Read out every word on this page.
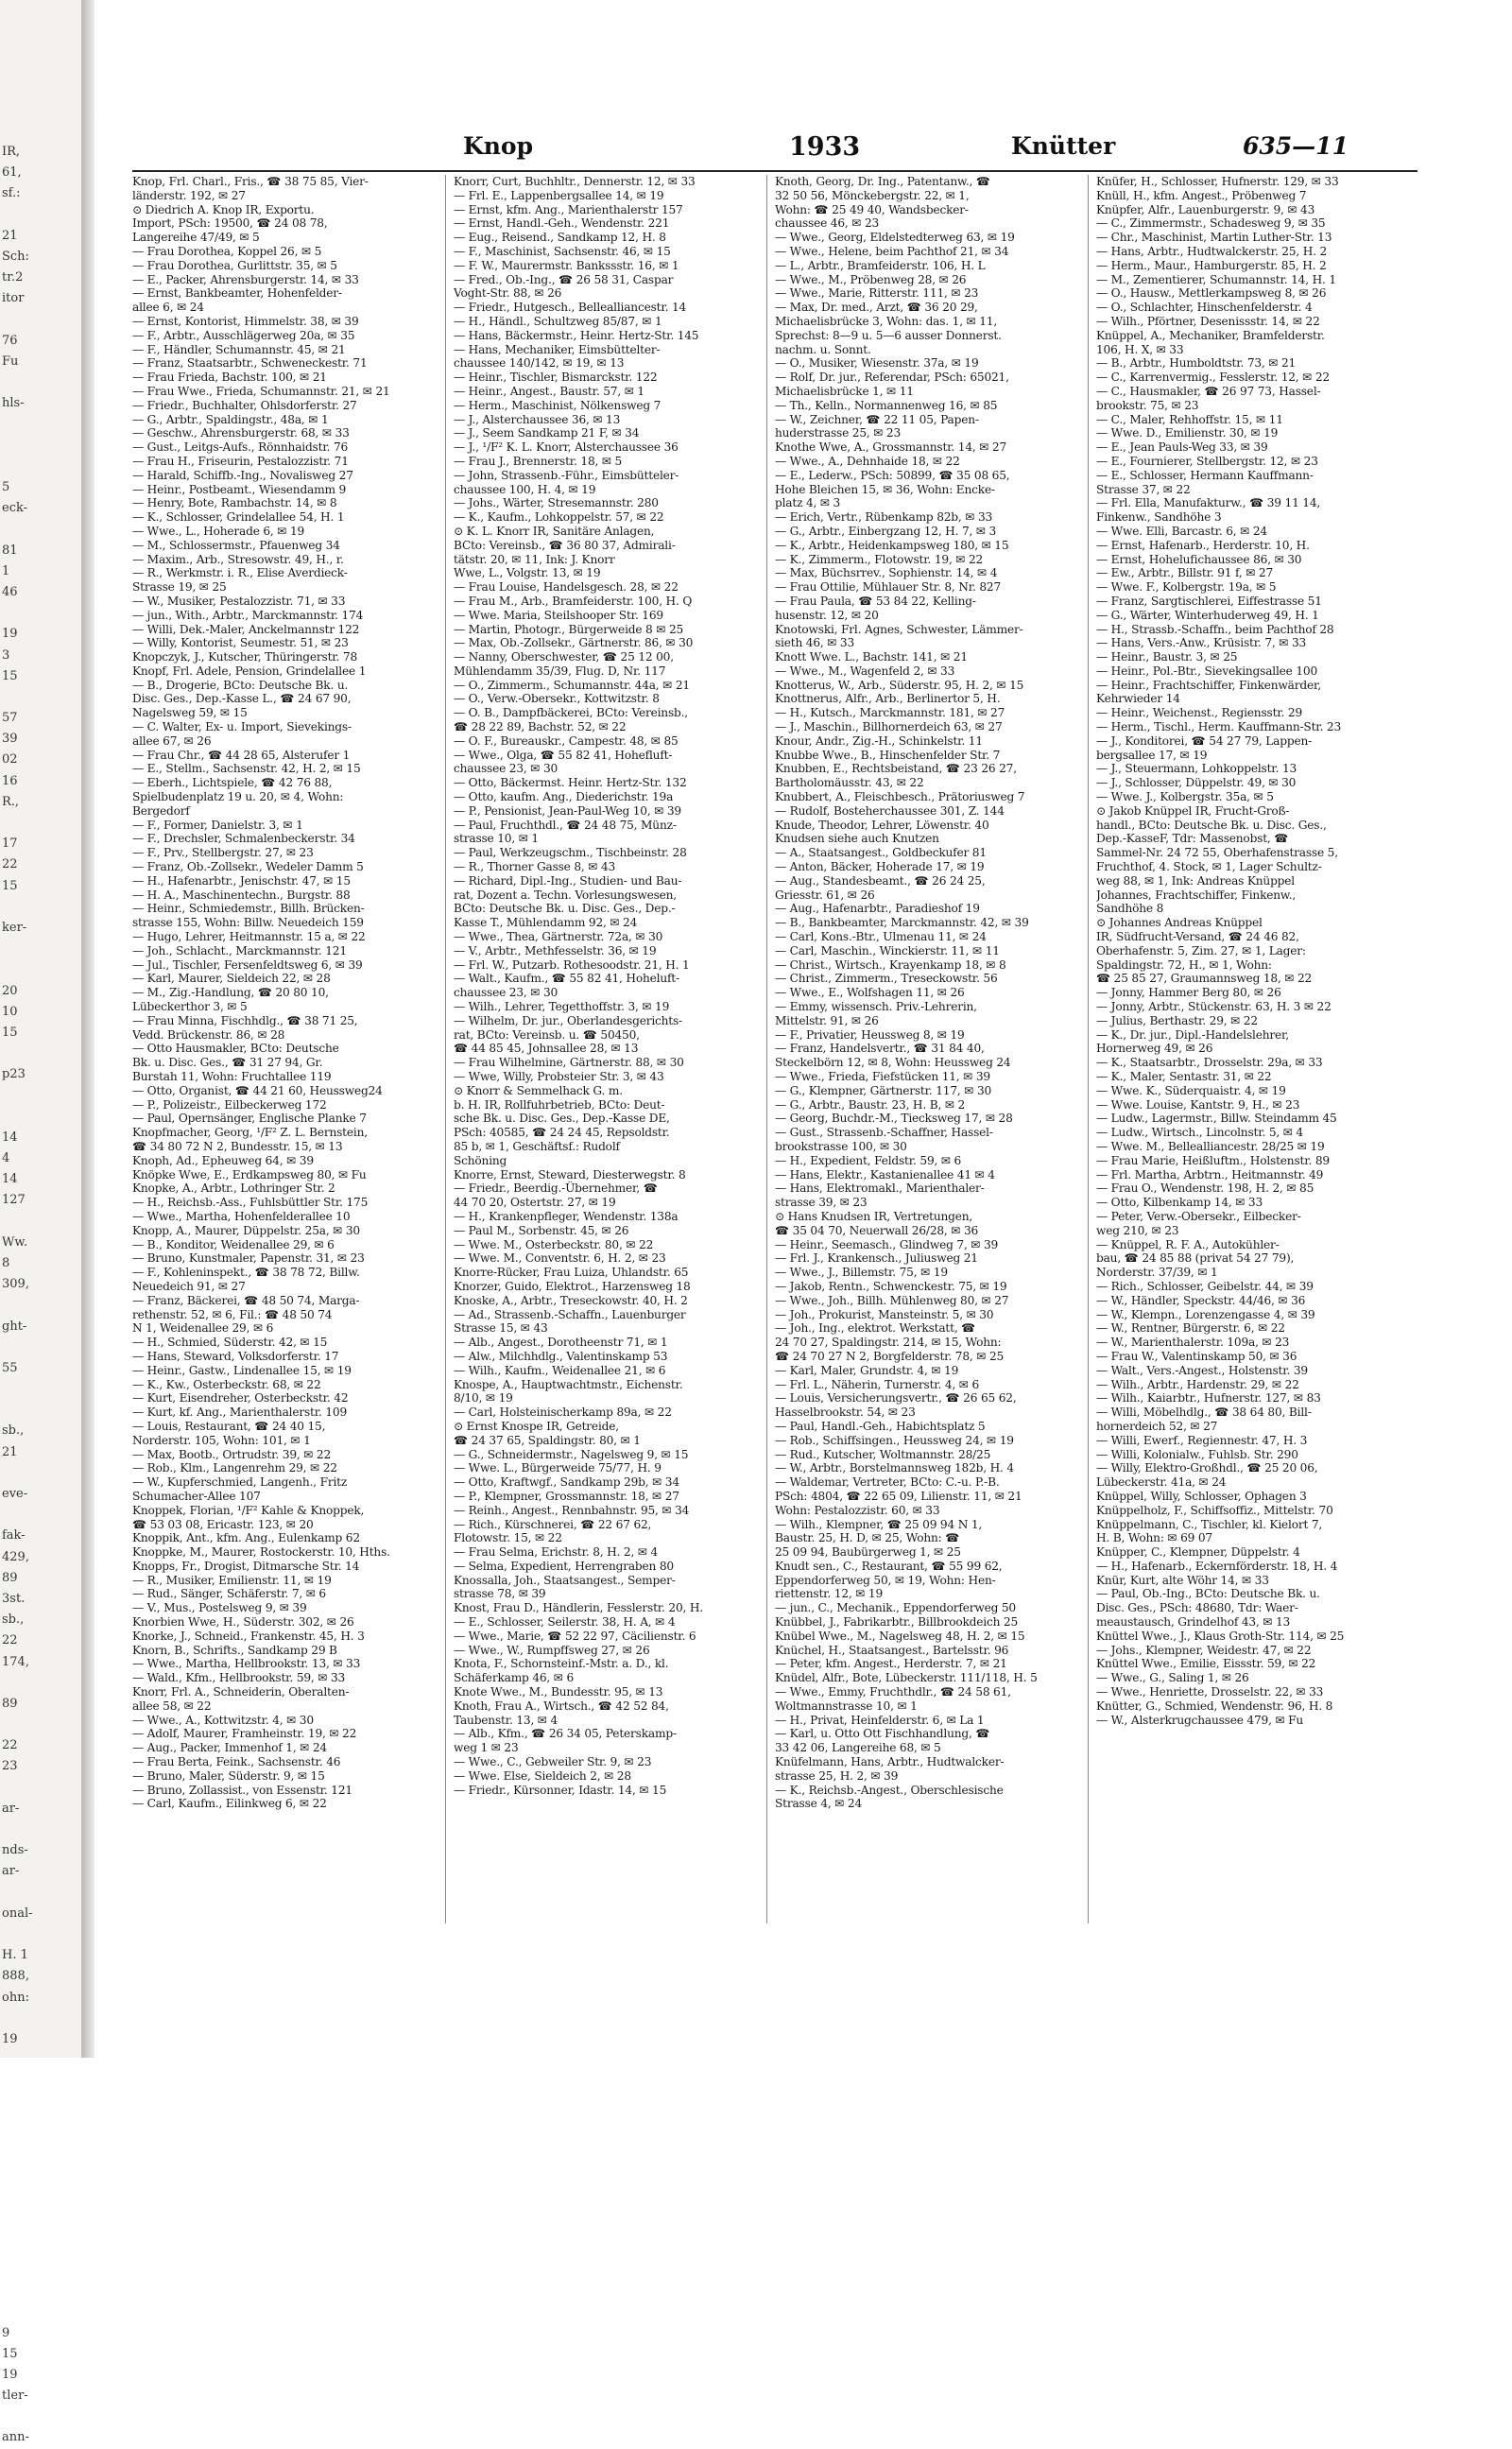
IR,
61,
sf.:
21
Sch:
tr.2
itor
76
Fu
hls-
5
eck-
81
1
46
19
3
15
57
39
02
16
R.,
17
22
15
ker-
20
10
15
p23
14
4
14
127
Ww.
8
309,
ght-
55
sb.,
21
eve-
fak-
429,
89
3st.
sb.,
22
174,
89
22
23
ar-
nds-
ar-
onal-
H. 1
888,
ohn:
19
9
15
19
tler-
ann-
Knop	1933	Knütter	635—11
Knop, Frl. Charl., Fris., ☎ 38 75 85, Vier-
länderstr. 192, ✉ 27
⊙ Diedrich A. Knop IR, Exportu.
Import, PSch: 19500, ☎ 24 08 78,
Langereihe 47/49, ✉ 5
— Frau Dorothea, Koppel 26, ✉ 5
— Frau Dorothea, Gurlittstr. 35, ✉ 5
— E., Packer, Ahrensburgerstr. 14, ✉ 33
— Ernst, Bankbeamter, Hohenfelder-
allee 6, ✉ 24
— Ernst, Kontorist, Himmelstr. 38, ✉ 39
— F., Arbtr., Ausschlägerweg 20a, ✉ 35
— F., Händler, Schumannstr. 45, ✉ 21
— Franz, Staatsarbtr., Schweneckestr. 71
— Frau Frieda, Bachstr. 100, ✉ 21
— Frau Wwe., Frieda, Schumannstr. 21, ✉ 21
— Friedr., Buchhalter, Ohlsdorferstr. 27
— G., Arbtr., Spaldingstr., 48a, ✉ 1
— Geschw., Ahrensburgerstr. 68, ✉ 33
— Gust., Leitgs-Aufs., Rönnhaidstr. 76
— Frau H., Friseurin, Pestalozzistr. 71
— Harald, Schiffb.-Ing., Novalisweg 27
— Heinr., Postbeamt., Wiesendamm 9
— Henry, Bote, Rambachstr. 14, ✉ 8
— K., Schlosser, Grindelallee 54, H. 1
— Wwe., L., Hoherade 6, ✉ 19
— M., Schlossermstr., Pfauenweg 34
— Maxim., Arb., Stresowstr. 49, H., r.
— R., Werkmstr. i. R., Elise Averdieck-
Strasse 19, ✉ 25
— W., Musiker, Pestalozzistr. 71, ✉ 33
— jun., With., Arbtr., Marckmannstr. 174
— Willi, Dek.-Maler, Anckelmannstr 122
— Willy, Kontorist, Seumestr. 51, ✉ 23
Knopczyk, J., Kutscher, Thüringerstr. 78
Knopf, Frl. Adele, Pension, Grindelallee 1
— B., Drogerie, BCto: Deutsche Bk. u.
Disc. Ges., Dep.-Kasse L., ☎ 24 67 90,
Nagelsweg 59, ✉ 15
— C. Walter, Ex- u. Import, Sievekings-
allee 67, ✉ 26
— Frau Chr., ☎ 44 28 65, Alsterufer 1
— E., Stellm., Sachsenstr. 42, H. 2, ✉ 15
— Eberh., Lichtspiele, ☎ 42 76 88,
Spielbudenplatz 19 u. 20, ✉ 4, Wohn:
Bergedorf
— F., Former, Danielstr. 3, ✉ 1
— F., Drechsler, Schmalenbeckerstr. 34
— F., Prv., Stellbergstr. 27, ✉ 23
— Franz, Ob.-Zollsekr., Wedeler Damm 5
— H., Hafenarbtr., Jenischstr. 47, ✉ 15
— H. A., Maschinentechn., Burgstr. 88
— Heinr., Schmiedemstr., Billh. Brücken-
strasse 155, Wohn: Billw. Neuedeich 159
— Hugo, Lehrer, Heitmannstr. 15 a, ✉ 22
— Joh., Schlacht., Marckmannstr. 121
— Jul., Tischler, Fersenfeldtsweg 6, ✉ 39
— Karl, Maurer, Sieldeich 22, ✉ 28
— M., Zig.-Handlung, ☎ 20 80 10,
Lübeckerthor 3, ✉ 5
— Frau Minna, Fischhdlg., ☎ 38 71 25,
Vedd. Brückenstr. 86, ✉ 28
— Otto Hausmakler, BCto: Deutsche
Bk. u. Disc. Ges., ☎ 31 27 94, Gr.
Burstah 11, Wohn: Fruchtallee 119
— Otto, Organist, ☎ 44 21 60, Heussweg24
— P., Polizeistr., Eilbeckerweg 172
— Paul, Opernsänger, Englische Planke 7
Knopfmacher, Georg, ¹/F² Z. L. Bernstein,
☎ 34 80 72 N 2, Bundesstr. 15, ✉ 13
Knoph, Ad., Epheuweg 64, ✉ 39
Knöpke Wwe, E., Erdkampsweg 80, ✉ Fu
Knopke, A., Arbtr., Lothringer Str. 2
— H., Reichsb.-Ass., Fuhlsbüttler Str. 175
— Wwe., Martha, Hohenfelderallee 10
Knopp, A., Maurer, Düppelstr. 25a, ✉ 30
— B., Konditor, Weidenallee 29, ✉ 6
— Bruno, Kunstmaler, Papenstr. 31, ✉ 23
— F., Kohleninspekt., ☎ 38 78 72, Billw.
Neuedeich 91, ✉ 27
— Franz, Bäckerei, ☎ 48 50 74, Marga-
rethenstr. 52, ✉ 6, Fil.: ☎ 48 50 74
N 1, Weidenallee 29, ✉ 6
— H., Schmied, Süderstr. 42, ✉ 15
— Hans, Steward, Volksdorferstr. 17
— Heinr., Gastw., Lindenallee 15, ✉ 19
— K., Kw., Osterbeckstr. 68, ✉ 22
— Kurt, Eisendreher, Osterbeckstr. 42
— Kurt, kf. Ang., Marienthalerstr. 109
— Louis, Restaurant, ☎ 24 40 15,
Norderstr. 105, Wohn: 101, ✉ 1
— Max, Bootb., Ortrudstr. 39, ✉ 22
— Rob., Klm., Langenrehm 29, ✉ 22
— W., Kupferschmied, Langenh., Fritz
Schumacher-Allee 107
Knoppek, Florian, ¹/F² Kahle & Knoppek,
☎ 53 03 08, Ericastr. 123, ✉ 20
Knoppik, Ant., kfm. Ang., Eulenkamp 62
Knoppke, M., Maurer, Rostockerstr. 10, Hths.
Knopps, Fr., Drogist, Ditmarsche Str. 14
— R., Musiker, Emilienstr. 11, ✉ 19
— Rud., Sänger, Schäferstr. 7, ✉ 6
— V., Mus., Postelsweg 9, ✉ 39
Knorbien Wwe, H., Süderstr. 302, ✉ 26
Knorke, J., Schneid., Frankenstr. 45, H. 3
Knorn, B., Schrifts., Sandkamp 29 B
— Wwe., Martha, Hellbrookstr. 13, ✉ 33
— Wald., Kfm., Hellbrookstr. 59, ✉ 33
Knorr, Frl. A., Schneiderin, Oberalten-
allee 58, ✉ 22
— Wwe., A., Kottwitzstr. 4, ✉ 30
— Adolf, Maurer, Framheinstr. 19, ✉ 22
— Aug., Packer, Immenhof 1, ✉ 24
— Frau Berta, Feink., Sachsenstr. 46
— Bruno, Maler, Süderstr. 9, ✉ 15
— Bruno, Zollassist., von Essenstr. 121
— Carl, Kaufm., Eilinkweg 6, ✉ 22
Knorr, Curt, Buchhltr., Dennerstr. 12, ✉ 33
— Frl. E., Lappenbergsallee 14, ✉ 19
— Ernst, kfm. Ang., Marienthalerstr 157
— Ernst, Handl.-Geh., Wendenstr. 221
— Eug., Reisend., Sandkamp 12, H. 8
— F., Maschinist, Sachsenstr. 46, ✉ 15
— F. W., Maurermstr. Bankssstr. 16, ✉ 1
— Fred., Ob.-Ing., ☎ 26 58 31, Caspar
Voght-Str. 88, ✉ 26
— Friedr., Hutgesch., Bellealliancestr. 14
— H., Händl., Schultzweg 85/87, ✉ 1
— Hans, Bäckermstr., Heinr. Hertz-Str. 145
— Hans, Mechaniker, Eimsbüttelter-
chaussee 140/142, ✉ 19, ✉ 13
— Heinr., Tischler, Bismarckstr. 122
— Heinr., Angest., Baustr. 57, ✉ 1
— Herm., Maschinist, Nölkensweg 7
— J., Alsterchaussee 36, ✉ 13
— J., Seem Sandkamp 21 F, ✉ 34
— J., ¹/F² K. L. Knorr, Alsterchaussee 36
— Frau J., Brennerstr. 18, ✉ 5
— John, Strassenb.-Führ., Eimsbütteler-
chaussee 100, H. 4, ✉ 19
— Johs., Wärter, Stresemannstr. 280
— K., Kaufm., Lohkoppelstr. 57, ✉ 22
⊙ K. L. Knorr IR, Sanitäre Anlagen,
BCto: Vereinsb., ☎ 36 80 37, Admirali-
tätstr. 20, ✉ 11, Ink: J. Knorr
Wwe, L., Volgstr. 13, ✉ 19
— Frau Louise, Handelsgesch. 28, ✉ 22
— Frau M., Arb., Bramfeiderstr. 100, H. Q
— Wwe. Maria, Steilshooper Str. 169
— Martin, Photogr., Bürgerweide 8 ✉ 25
— Max, Ob.-Zollsekr., Gärtnerstr. 86, ✉ 30
— Nanny, Oberschwester, ☎ 25 12 00,
Mühlendamm 35/39, Flug. D, Nr. 117
— O., Zimmerm., Schumannstr. 44a, ✉ 21
— O., Verw.-Obersekr., Kottwitzstr. 8
— O. B., Dampfbäckerei, BCto: Vereinsb.,
☎ 28 22 89, Bachstr. 52, ✉ 22
— O. F., Bureauskr., Campestr. 48, ✉ 85
— Wwe., Olga, ☎ 55 82 41, Hohefluft-
chaussee 23, ✉ 30
— Otto, Bäckermst. Heinr. Hertz-Str. 132
— Otto, kaufm. Ang., Diederichstr. 19a
— P., Pensionist, Jean-Paul-Weg 10, ✉ 39
— Paul, Fruchthdl., ☎ 24 48 75, Münz-
strasse 10, ✉ 1
— Paul, Werkzeugschm., Tischbeinstr. 28
— R., Thorner Gasse 8, ✉ 43
— Richard, Dipl.-Ing., Studien- und Bau-
rat, Dozent a. Techn. Vorlesungswesen,
BCto: Deutsche Bk. u. Disc. Ges., Dep.-
Kasse T., Mühlendamm 92, ✉ 24
— Wwe., Thea, Gärtnerstr. 72a, ✉ 30
— V., Arbtr., Methfesselstr. 36, ✉ 19
— Frl. W., Putzarb. Rothesoodstr. 21, H. 1
— Walt., Kaufm., ☎ 55 82 41, Hoheluft-
chaussee 23, ✉ 30
— Wilh., Lehrer, Tegetthoffstr. 3, ✉ 19
— Wilhelm, Dr. jur., Oberlandesgerichts-
rat, BCto: Vereinsb. u. ☎ 50450,
☎ 44 85 45, Johnsallee 28, ✉ 13
— Frau Wilhelmine, Gärtnerstr. 88, ✉ 30
— Wwe, Willy, Probsteier Str. 3, ✉ 43
⊙ Knorr & Semmelhack G. m.
b. H. IR, Rollfuhrbetrieb, BCto: Deut-
sche Bk. u. Disc. Ges., Dep.-Kasse DE,
PSch: 40585, ☎ 24 24 45, Repsoldstr.
85 b, ✉ 1, Geschäftsf.: Rudolf
Schöning
Knorre, Ernst, Steward, Diesterwegstr. 8
— Friedr., Beerdig.-Übernehmer, ☎
44 70 20, Ostertstr. 27, ✉ 19
— H., Krankenpfleger, Wendenstr. 138a
— Paul M., Sorbenstr. 45, ✉ 26
— Wwe. M., Osterbeckstr. 80, ✉ 22
— Wwe. M., Conventstr. 6, H. 2, ✉ 23
Knorre-Rücker, Frau Luiza, Uhlandstr. 65
Knorzer, Guido, Elektrot., Harzensweg 18
Knoske, A., Arbtr., Treseckowstr. 40, H. 2
— Ad., Strassenb.-Schaffn., Lauenburger
Strasse 15, ✉ 43
— Alb., Angest., Dorotheenstr 71, ✉ 1
— Alw., Milchhdlg., Valentinskamp 53
— Wilh., Kaufm., Weidenallee 21, ✉ 6
Knospe, A., Hauptwachtmstr., Eichenstr.
8/10, ✉ 19
— Carl, Holsteinischerkamp 89a, ✉ 22
⊙ Ernst Knospe IR, Getreide,
☎ 24 37 65, Spaldingstr. 80, ✉ 1
— G., Schneidermstr., Nagelsweg 9, ✉ 15
— Wwe. L., Bürgerweide 75/77, H. 9
— Otto, Kraftwgf., Sandkamp 29b, ✉ 34
— P., Klempner, Grossmannstr. 18, ✉ 27
— Reinh., Angest., Rennbahnstr. 95, ✉ 34
— Rich., Kürschnerei, ☎ 22 67 62,
Flotowstr. 15, ✉ 22
— Frau Selma, Erichstr. 8, H. 2, ✉ 4
— Selma, Expedient, Herrengraben 80
Knossalla, Joh., Staatsangest., Semper-
strasse 78, ✉ 39
Knost, Frau D., Händlerin, Fesslerstr. 20, H.
— E., Schlosser, Seilerstr. 38, H. A, ✉ 4
— Wwe., Marie, ☎ 52 22 97, Cäcilienstr. 6
— Wwe., W., Rumpffsweg 27, ✉ 26
Knota, F., Schornsteinf.-Mstr. a. D., kl.
Schäferkamp 46, ✉ 6
Knote Wwe., M., Bundesstr. 95, ✉ 13
Knoth, Frau A., Wirtsch., ☎ 42 52 84,
Taubenstr. 13, ✉ 4
— Alb., Kfm., ☎ 26 34 05, Peterskamp-
weg 1 ✉ 23
— Wwe., C., Gebweiler Str. 9, ✉ 23
— Wwe. Else, Sieldeich 2, ✉ 28
— Friedr., Kürsonner, Idastr. 14, ✉ 15
Knoth, Georg, Dr. Ing., Patentanw., ☎
32 50 56, Mönckebergstr. 22, ✉ 1,
Wohn: ☎ 25 49 40, Wandsbecker-
chaussee 46, ✉ 23
— Wwe., Georg, Eldelstedterweg 63, ✉ 19
— Wwe., Helene, beim Pachthof 21, ✉ 34
— L., Arbtr., Bramfeiderstr. 106, H. L
— Wwe., M., Pröbenweg 28, ✉ 26
— Wwe., Marie, Ritterstr. 111, ✉ 23
— Max, Dr. med., Arzt, ☎ 36 20 29,
Michaelisbrücke 3, Wohn: das. 1, ✉ 11,
Sprechst: 8—9 u. 5—6 ausser Donnerst.
nachm. u. Sonnt.
— O., Musiker, Wiesenstr. 37a, ✉ 19
— Rolf, Dr. jur., Referendar, PSch: 65021,
Michaelisbrücke 1, ✉ 11
— Th., Kelln., Normannenweg 16, ✉ 85
— W., Zeichner, ☎ 22 11 05, Papen-
huderstrasse 25, ✉ 23
Knothe Wwe, A., Grossmannstr. 14, ✉ 27
— Wwe., A., Dehnhaide 18, ✉ 22
— E., Lederw., PSch: 50899, ☎ 35 08 65,
Hohe Bleichen 15, ✉ 36, Wohn: Encke-
platz 4, ✉ 3
— Erich, Vertr., Rübenkamp 82b, ✉ 33
— G., Arbtr., Einbergzang 12, H. 7, ✉ 3
— K., Arbtr., Heidenkampsweg 180, ✉ 15
— K., Zimmerm., Flotowstr. 19, ✉ 22
— Max, Büchsrrev., Sophienstr. 14, ✉ 4
— Frau Ottilie, Mühlauer Str. 8, Nr. 827
— Frau Paula, ☎ 53 84 22, Kelling-
husenstr. 12, ✉ 20
Knotowski, Frl. Agnes, Schwester, Lämmer-
sieth 46, ✉ 33
Knott Wwe. L., Bachstr. 141, ✉ 21
— Wwe., M., Wagenfeld 2, ✉ 33
Knotterus, W., Arb., Süderstr. 95, H. 2, ✉ 15
Knottnerus, Alfr., Arb., Berlinertor 5, H.
— H., Kutsch., Marckmannstr. 181, ✉ 27
— J., Maschin., Billhornerdeich 63, ✉ 27
Knour, Andr., Zig.-H., Schinkelstr. 11
Knubbe Wwe., B., Hinschenfelder Str. 7
Knubben, E., Rechtsbeistand, ☎ 23 26 27,
Bartholomäusstr. 43, ✉ 22
Knubbert, A., Fleischbesch., Prätoriusweg 7
— Rudolf, Bosteherchaussee 301, Z. 144
Knude, Theodor, Lehrer, Löwenstr. 40
Knudsen siehe auch Knutzen
— A., Staatsangest., Goldbeckufer 81
— Anton, Bäcker, Hoherade 17, ✉ 19
— Aug., Standesbeamt., ☎ 26 24 25,
Griesstr. 61, ✉ 26
— Aug., Hafenarbtr., Paradieshof 19
— B., Bankbeamter, Marckmannstr. 42, ✉ 39
— Carl, Kons.-Btr., Ulmenau 11, ✉ 24
— Carl, Maschin., Winckierstr. 11, ✉ 11
— Christ., Wirtsch., Krayenkamp 18, ✉ 8
— Christ., Zimmerm., Treseckowstr. 56
— Wwe., E., Wolfshagen 11, ✉ 26
— Emmy, wissensch. Priv.-Lehrerin,
Mittelstr. 91, ✉ 26
— F., Privatier, Heussweg 8, ✉ 19
— Franz, Handelsvertr., ☎ 31 84 40,
Steckelbörn 12, ✉ 8, Wohn: Heussweg 24
— Wwe., Frieda, Fiefstücken 11, ✉ 39
— G., Klempner, Gärtnerstr. 117, ✉ 30
— G., Arbtr., Baustr. 23, H. B, ✉ 2
— Georg, Buchdr.-M., Tiecksweg 17, ✉ 28
— Gust., Strassenb.-Schaffner, Hassel-
brookstrasse 100, ✉ 30
— H., Expedient, Feldstr. 59, ✉ 6
— Hans, Elektr., Kastanienallee 41 ✉ 4
— Hans, Elektromakl., Marienthaler-
strasse 39, ✉ 23
⊙ Hans Knudsen IR, Vertretungen,
☎ 35 04 70, Neuerwall 26/28, ✉ 36
— Heinr., Seemasch., Glindweg 7, ✉ 39
— Frl. J., Krankensch., Juliusweg 21
— Wwe., J., Billemstr. 75, ✉ 19
— Jakob, Rentn., Schwenckestr. 75, ✉ 19
— Wwe., Joh., Billh. Mühlenweg 80, ✉ 27
— Joh., Prokurist, Mansteinstr. 5, ✉ 30
— Joh., Ing., elektrot. Werkstatt, ☎
24 70 27, Spaldingstr. 214, ✉ 15, Wohn:
☎ 24 70 27 N 2, Borgfelderstr. 78, ✉ 25
— Karl, Maler, Grundstr. 4, ✉ 19
— Frl. L., Näherin, Turnerstr. 4, ✉ 6
— Louis, Versicherungsvertr., ☎ 26 65 62,
Hasselbrookstr. 54, ✉ 23
— Paul, Handl.-Geh., Habichtsplatz 5
— Rob., Schiffsingen., Heussweg 24, ✉ 19
— Rud., Kutscher, Woltmannstr. 28/25
— W., Arbtr., Borstelmannsweg 182b, H. 4
— Waldemar, Vertreter, BCto: C.-u. P.-B.
PSch: 4804, ☎ 22 65 09, Lilienstr. 11, ✉ 21
Wohn: Pestalozzistr. 60, ✉ 33
— Wilh., Klempner, ☎ 25 09 94 N 1,
Baustr. 25, H. D, ✉ 25, Wohn: ☎
25 09 94, Baubürgerweg 1, ✉ 25
Knudt sen., C., Restaurant, ☎ 55 99 62,
Eppendorferweg 50, ✉ 19, Wohn: Hen-
riettenstr. 12, ✉ 19
— jun., C., Mechanik., Eppendorferweg 50
Knübbel, J., Fabrikarbtr., Billbrookdeich 25
Knübel Wwe., M., Nagelsweg 48, H. 2, ✉ 15
Knüchel, H., Staatsangest., Bartelsstr. 96
— Peter, kfm. Angest., Herderstr. 7, ✉ 21
Knüdel, Alfr., Bote, Lübeckerstr. 111/118, H. 5
— Wwe., Emmy, Fruchthdlr., ☎ 24 58 61,
Woltmannstrasse 10, ✉ 1
— H., Privat, Heinfelderstr. 6, ✉ La 1
— Karl, u. Otto Ott Fischhandlung, ☎
33 42 06, Langereihe 68, ✉ 5
Knüfelmann, Hans, Arbtr., Hudtwalcker-
strasse 25, H. 2, ✉ 39
— K., Reichsb.-Angest., Oberschlesische
Strasse 4, ✉ 24
Knüfer, H., Schlosser, Hufnerstr. 129, ✉ 33
Knüll, H., kfm. Angest., Pröbenweg 7
Knüpfer, Alfr., Lauenburgerstr. 9, ✉ 43
— C., Zimmermstr., Schadesweg 9, ✉ 35
— Chr., Maschinist, Martin Luther-Str. 13
— Hans, Arbtr., Hudtwalckerstr. 25, H. 2
— Herm., Maur., Hamburgerstr. 85, H. 2
— M., Zementierer, Schumannstr. 14, H. 1
— O., Hausw., Mettlerkampsweg 8, ✉ 26
— O., Schlachter, Hinschenfelderstr. 4
— Wilh., Pförtner, Desenissstr. 14, ✉ 22
Knüppel, A., Mechaniker, Bramfelderstr.
106, H. X, ✉ 33
— B., Arbtr., Humboldtstr. 73, ✉ 21
— C., Karrenvermig., Fesslerstr. 12, ✉ 22
— C., Hausmakler, ☎ 26 97 73, Hassel-
brookstr. 75, ✉ 23
— C., Maler, Rehhoffstr. 15, ✉ 11
— Wwe. D., Emilienstr. 30, ✉ 19
— E., Jean Pauls-Weg 33, ✉ 39
— E., Fournierer, Stellbergstr. 12, ✉ 23
— E., Schlosser, Hermann Kauffmann-
Strasse 37, ✉ 22
— Frl. Ella, Manufakturw., ☎ 39 11 14,
Finkenw., Sandhöhe 3
— Wwe. Elli, Barcastr. 6, ✉ 24
— Ernst, Hafenarb., Herderstr. 10, H.
— Ernst, Hohelufichaussee 86, ✉ 30
— Ew., Arbtr., Billstr. 91 f, ✉ 27
— Wwe. F., Kolbergstr. 19a, ✉ 5
— Franz, Sargtischlerei, Eiffestrasse 51
— G., Wärter, Winterhuderweg 49, H. 1
— H., Strassb.-Schaffn., beim Pachthof 28
— Hans, Vers.-Anw., Krüsistr. 7, ✉ 33
— Heinr., Baustr. 3, ✉ 25
— Heinr., Pol.-Btr., Sievekingsallee 100
— Heinr., Frachtschiffer, Finkenwärder,
Kehrwieder 14
— Heinr., Weichenst., Regiensstr. 29
— Herm., Tischl., Herm. Kauffmann-Str. 23
— J., Konditorei, ☎ 54 27 79, Lappen-
bergsallee 17, ✉ 19
— J., Steuermann, Lohkoppelstr. 13
— J., Schlosser, Düppelstr. 49, ✉ 30
— Wwe. J., Kolbergstr. 35a, ✉ 5
⊙ Jakob Knüppel IR, Frucht-Groß-
handl., BCto: Deutsche Bk. u. Disc. Ges.,
Dep.-KasseF, Tdr: Massenobst, ☎
Sammel-Nr. 24 72 55, Oberhafenstrasse 5,
Fruchthof, 4. Stock, ✉ 1, Lager Schultz-
weg 88, ✉ 1, Ink: Andreas Knüppel
Johannes, Frachtschiffer, Finkenw.,
Sandhöhe 8
⊙ Johannes Andreas Knüppel
IR, Südfrucht-Versand, ☎ 24 46 82,
Oberhafenstr. 5, Zim. 27, ✉ 1, Lager:
Spaldingstr. 72, H., ✉ 1, Wohn:
☎ 25 85 27, Graumannsweg 18, ✉ 22
— Jonny, Hammer Berg 80, ✉ 26
— Jonny, Arbtr., Stückenstr. 63, H. 3 ✉ 22
— Julius, Berthastr. 29, ✉ 22
— K., Dr. jur., Dipl.-Handelslehrer,
Hornerweg 49, ✉ 26
— K., Staatsarbtr., Drosselstr. 29a, ✉ 33
— K., Maler, Sentastr. 31, ✉ 22
— Wwe. K., Süderquaistr. 4, ✉ 19
— Wwe. Louise, Kantstr. 9, H., ✉ 23
— Ludw., Lagermstr., Billw. Steindamm 45
— Ludw., Wirtsch., Lincolnstr. 5, ✉ 4
— Wwe. M., Bellealliancestr. 28/25 ✉ 19
— Frau Marie, Heißluftm., Holstenstr. 89
— Frl. Martha, Arbtrn., Heitmannstr. 49
— Frau O., Wendenstr. 198, H. 2, ✉ 85
— Otto, Kilbenkamp 14, ✉ 33
— Peter, Verw.-Obersekr., Eilbecker-
weg 210, ✉ 23
— Knüppel, R. F. A., Autokühler-
bau, ☎ 24 85 88 (privat 54 27 79),
Norderstr. 37/39, ✉ 1
— Rich., Schlosser, Geibelstr. 44, ✉ 39
— W., Händler, Speckstr. 44/46, ✉ 36
— W., Klempn., Lorenzengasse 4, ✉ 39
— W., Rentner, Bürgerstr. 6, ✉ 22
— W., Marienthalerstr. 109a, ✉ 23
— Frau W., Valentinskamp 50, ✉ 36
— Walt., Vers.-Angest., Holstenstr. 39
— Wilh., Arbtr., Hardenstr. 29, ✉ 22
— Wilh., Kaiarbtr., Hufnerstr. 127, ✉ 83
— Willi, Möbelhdlg., ☎ 38 64 80, Bill-
hornerdeich 52, ✉ 27
— Willi, Ewerf., Regiennestr. 47, H. 3
— Willi, Kolonialw., Fuhlsb. Str. 290
— Willy, Elektro-Großhdl., ☎ 25 20 06,
Lübeckerstr. 41a, ✉ 24
Knüppel, Willy, Schlosser, Ophagen 3
Knüppelholz, F., Schiffsoffiz., Mittelstr. 70
Knüppelmann, C., Tischler, kl. Kielort 7,
H. B, Wohn: ✉ 69 07
Knüpper, C., Klempner, Düppelstr. 4
— H., Hafenarb., Eckernförderstr. 18, H. 4
Knür, Kurt, alte Wöhr 14, ✉ 33
— Paul, Ob.-Ing., BCto: Deutsche Bk. u.
Disc. Ges., PSch: 48680, Tdr: Waer-
meaustausch, Grindelhof 43, ✉ 13
Knüttel Wwe., J., Klaus Groth-Str. 114, ✉ 25
— Johs., Klempner, Weidestr. 47, ✉ 22
Knüttel Wwe., Emilie, Eissstr. 59, ✉ 22
— Wwe., G., Saling 1, ✉ 26
— Wwe., Henriette, Drosselstr. 22, ✉ 33
Knütter, G., Schmied, Wendenstr. 96, H. 8
— W., Alsterkrugchaussee 479, ✉ Fu
